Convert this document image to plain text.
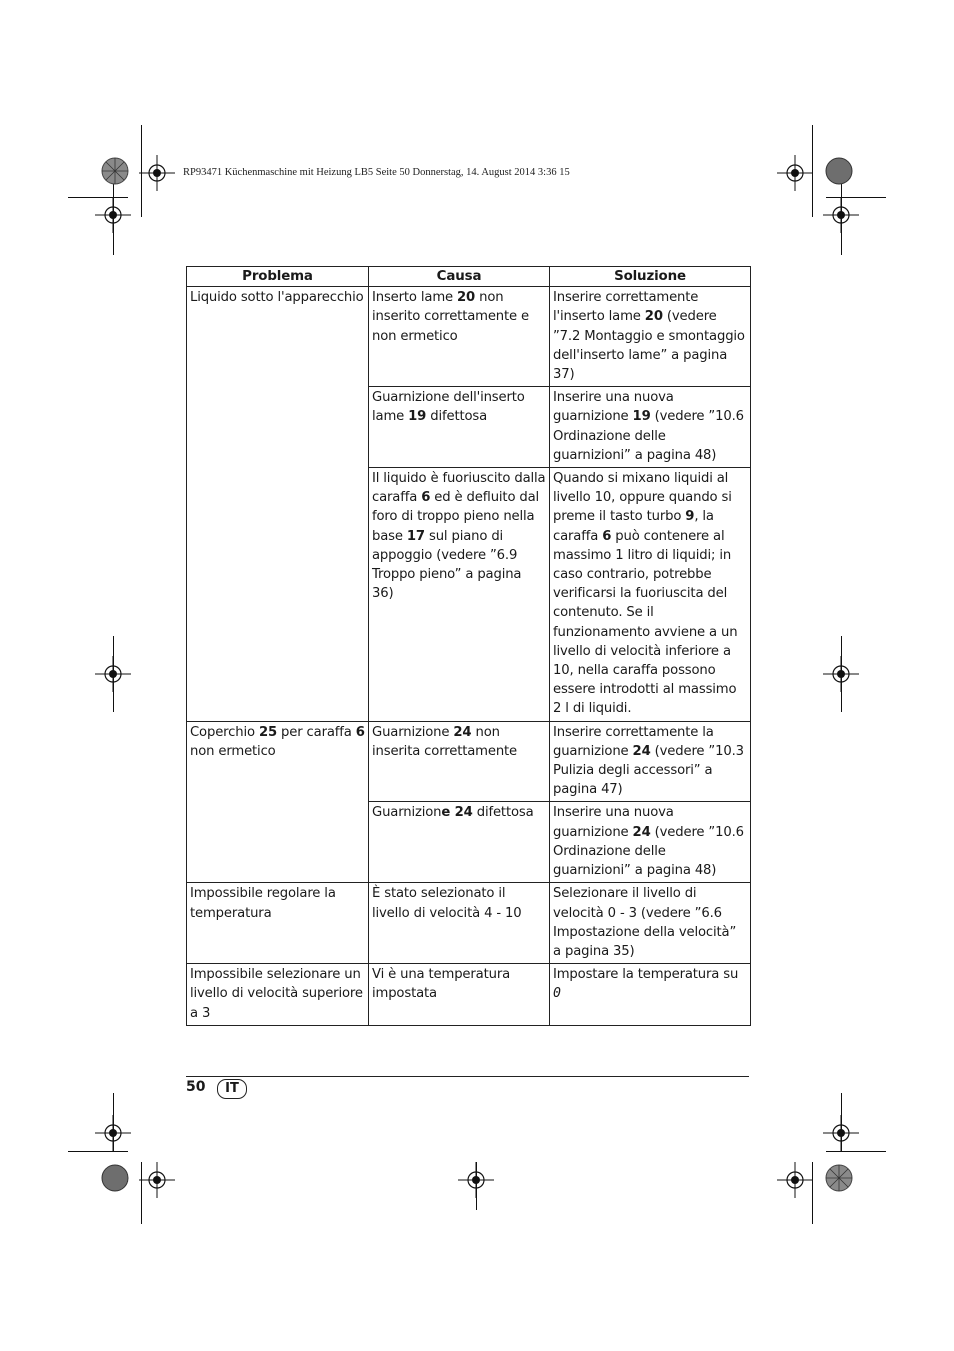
RP93471 Küchenmaschine mit Heizung LB5 Seite 50 Donnerstag, 14. August 2014 3:36 15
Problema	Causa	Soluzione
Liquido sotto l'apparecchio	Inserto lame 20 non inserito correttamente e non ermetico	Inserire correttamente l'inserto lame 20 (vedere ”7.2 Montaggio e smontaggio dell'inserto lame” a pagina 37)
	Guarnizione dell'inserto lame 19 difettosa	Inserire una nuova guarnizione 19 (vedere ”10.6 Ordinazione delle guarnizioni” a pagina 48)
	Il liquido è fuoriuscito dalla caraffa 6 ed è defluito dal foro di troppo pieno nella base 17 sul piano di appoggio (vedere ”6.9 Troppo pieno” a pagina 36)	Quando si mixano liquidi al livello 10, oppure quando si preme il tasto turbo 9, la caraffa 6 può contenere al massimo 1 litro di liquidi; in caso contrario, potrebbe verificarsi la fuoriuscita del contenuto. Se il funzionamento avviene a un livello di velocità inferiore a 10, nella caraffa possono essere introdotti al massimo 2 l di liquidi.
Coperchio 25 per caraffa 6 non ermetico	Guarnizione 24 non inserita correttamente	Inserire correttamente la guarnizione 24 (vedere ”10.3 Pulizia degli accessori” a pagina 47)
	Guarnizione 24 difettosa	Inserire una nuova guarnizione 24 (vedere ”10.6 Ordinazione delle guarnizioni” a pagina 48)
Impossibile regolare la temperatura	È stato selezionato il livello di velocità 4 - 10	Selezionare il livello di velocità 0 - 3 (vedere ”6.6 Impostazione della velocità” a pagina 35)
Impossibile selezionare un livello di velocità superiore a 3	Vi è una temperatura impostata	Impostare la temperatura su 0
50	IT
